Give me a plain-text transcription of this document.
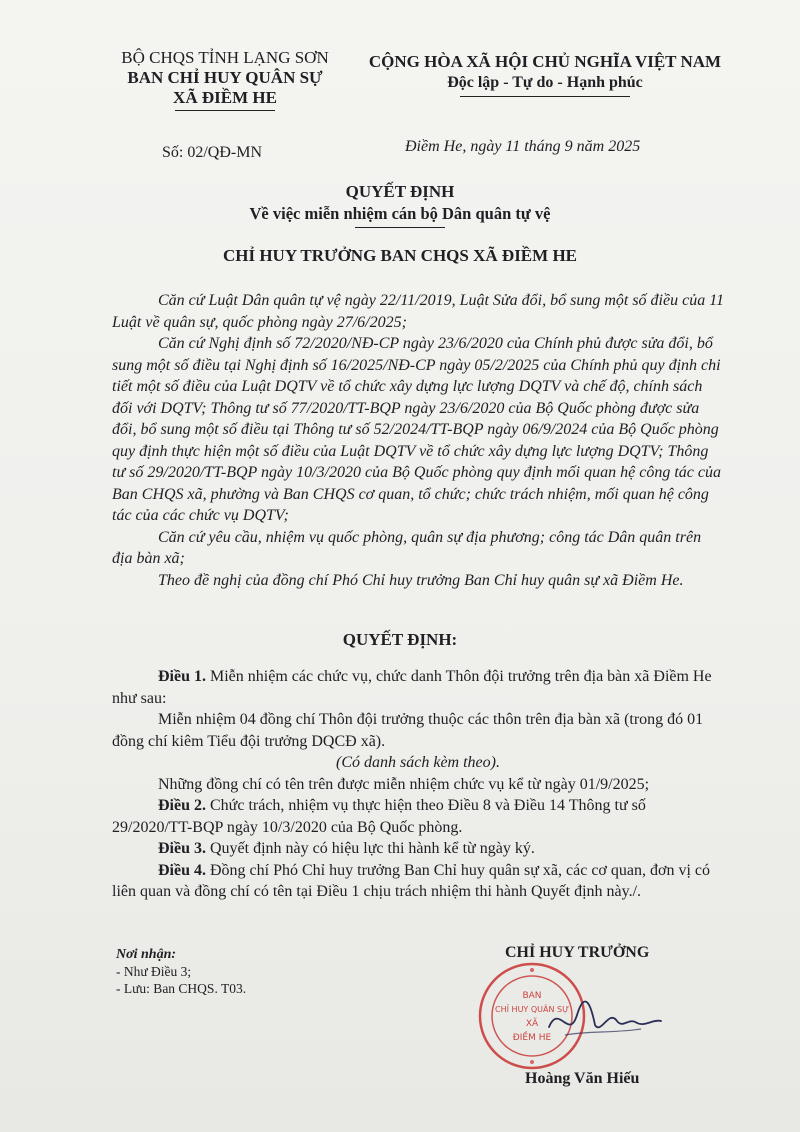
BỘ CHQS TỈNH LẠNG SƠN
BAN CHỈ HUY QUÂN SỰ
XÃ ĐIỀM HE
CỘNG HÒA XÃ HỘI CHỦ NGHĨA VIỆT NAM
Độc lập - Tự do - Hạnh phúc
Số: 02/QĐ-MN	Điềm He, ngày 11 tháng 9 năm 2025
QUYẾT ĐỊNH
Về việc miễn nhiệm cán bộ Dân quân tự vệ
CHỈ HUY TRƯỞNG BAN CHQS XÃ ĐIỀM HE

Căn cứ Luật Dân quân tự vệ ngày 22/11/2019, Luật Sửa đổi, bổ sung một số điều của 11 Luật về quân sự, quốc phòng ngày 27/6/2025;

Căn cứ Nghị định số 72/2020/NĐ-CP ngày 23/6/2020 của Chính phủ được sửa đổi, bổ sung một số điều tại Nghị định số 16/2025/NĐ-CP ngày 05/2/2025 của Chính phủ quy định chi tiết một số điều của Luật DQTV về tổ chức xây dựng lực lượng DQTV và chế độ, chính sách đối với DQTV; Thông tư số 77/2020/TT-BQP ngày 23/6/2020 của Bộ Quốc phòng được sửa đổi, bổ sung một số điều tại Thông tư số 52/2024/TT-BQP ngày 06/9/2024 của Bộ Quốc phòng quy định thực hiện một số điều của Luật DQTV về tổ chức xây dựng lực lượng DQTV; Thông tư số 29/2020/TT-BQP ngày 10/3/2020 của Bộ Quốc phòng quy định mối quan hệ công tác của Ban CHQS xã, phường và Ban CHQS cơ quan, tổ chức; chức trách nhiệm, mối quan hệ công tác của các chức vụ DQTV;

Căn cứ yêu cầu, nhiệm vụ quốc phòng, quân sự địa phương; công tác Dân quân trên địa bàn xã;

Theo đề nghị của đồng chí Phó Chỉ huy trưởng Ban Chỉ huy quân sự xã Điềm He.

QUYẾT ĐỊNH:

Điều 1. Miễn nhiệm các chức vụ, chức danh Thôn đội trưởng trên địa bàn xã Điềm He như sau:

Miễn nhiệm 04 đồng chí Thôn đội trưởng thuộc các thôn trên địa bàn xã (trong đó 01 đồng chí kiêm Tiểu đội trưởng DQCĐ xã).

(Có danh sách kèm theo).

Những đồng chí có tên trên được miễn nhiệm chức vụ kể từ ngày 01/9/2025;

Điều 2. Chức trách, nhiệm vụ thực hiện theo Điều 8 và Điều 14 Thông tư số 29/2020/TT-BQP ngày 10/3/2020 của Bộ Quốc phòng.

Điều 3. Quyết định này có hiệu lực thi hành kể từ ngày ký.

Điều 4. Đồng chí Phó Chỉ huy trưởng Ban Chỉ huy quân sự xã, các cơ quan, đơn vị có liên quan và đồng chí có tên tại Điều 1 chịu trách nhiệm thi hành Quyết định này./.

Nơi nhận:
- Như Điều 3;
- Lưu: Ban CHQS. T03.
CHỈ HUY TRƯỞNG
BAN
CHỈ HUY QUÂN SỰ
XÃ
ĐIỀM HE
Hoàng Văn Hiếu
